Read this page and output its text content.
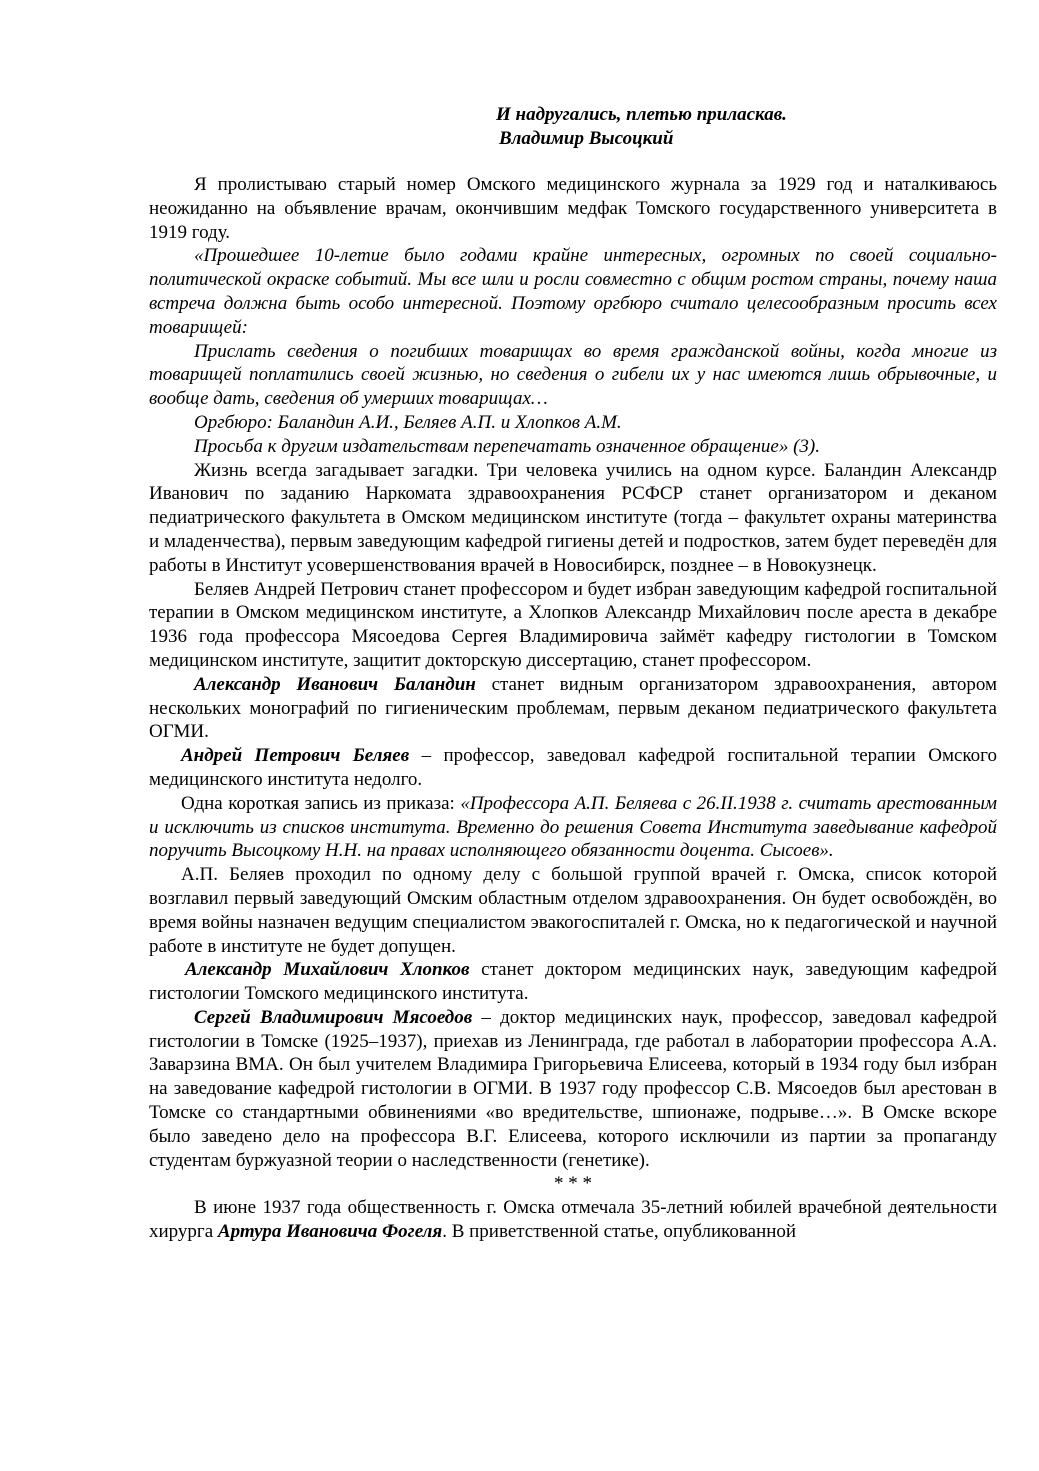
И надругались, плетью приласкав.
Владимир Высоцкий

Я пролистываю старый номер Омского медицинского журнала за 1929 год и наталкиваюсь неожиданно на объявление врачам, окончившим медфак Томского государственного университета в 1919 году.

«Прошедшее 10-летие было годами крайне интересных, огромных по своей социально-политической окраске событий. Мы все шли и росли совместно с общим ростом страны, почему наша встреча должна быть особо интересной. Поэтому оргбюро считало целесообразным просить всех товарищей:

Прислать сведения о погибших товарищах во время гражданской войны, когда многие из товарищей поплатились своей жизнью, но сведения о гибели их у нас имеются лишь обрывочные, и вообще дать, сведения об умерших товарищах…

Оргбюро: Баландин А.И., Беляев А.П. и Хлопков А.М.

Просьба к другим издательствам перепечатать означенное обращение» (3).

Жизнь всегда загадывает загадки. Три человека учились на одном курсе. Баландин Александр Иванович по заданию Наркомата здравоохранения РСФСР станет организатором и деканом педиатрического факультета в Омском медицинском институте (тогда – факультет охраны материнства и младенчества), первым заведующим кафедрой гигиены детей и подростков, затем будет переведён для работы в Институт усовершенствования врачей в Новосибирск, позднее – в Новокузнецк.

Беляев Андрей Петрович станет профессором и будет избран заведующим кафедрой госпитальной терапии в Омском медицинском институте, а Хлопков Александр Михайлович после ареста в декабре 1936 года профессора Мясоедова Сергея Владимировича займёт кафедру гистологии в Томском медицинском институте, защитит докторскую диссертацию, станет профессором.

Александр Иванович Баландин станет видным организатором здравоохранения, автором нескольких монографий по гигиеническим проблемам, первым деканом педиатрического факультета ОГМИ.

Андрей Петрович Беляев – профессор, заведовал кафедрой госпитальной терапии Омского медицинского института недолго.

Одна короткая запись из приказа: «Профессора А.П. Беляева с 26.II.1938 г. считать арестованным и исключить из списков института. Временно до решения Совета Института заведывание кафедрой поручить Высоцкому Н.Н. на правах исполняющего обязанности доцента. Сысоев».

А.П. Беляев проходил по одному делу с большой группой врачей г. Омска, список которой возглавил первый заведующий Омским областным отделом здравоохранения. Он будет освобождён, во время войны назначен ведущим специалистом эвакогоспиталей г. Омска, но к педагогической и научной работе в институте не будет допущен.

Александр Михайлович Хлопков станет доктором медицинских наук, заведующим кафедрой гистологии Томского медицинского института.

Сергей Владимирович Мясоедов – доктор медицинских наук, профессор, заведовал кафедрой гистологии в Томске (1925–1937), приехав из Ленинграда, где работал в лаборатории профессора А.А. Заварзина ВМА. Он был учителем Владимира Григорьевича Елисеева, который в 1934 году был избран на заведование кафедрой гистологии в ОГМИ. В 1937 году профессор С.В. Мясоедов был арестован в Томске со стандартными обвинениями «во вредительстве, шпионаже, подрыве…». В Омске вскоре было заведено дело на профессора В.Г. Елисеева, которого исключили из партии за пропаганду студентам буржуазной теории о наследственности (генетике).

* * *

В июне 1937 года общественность г. Омска отмечала 35-летний юбилей врачебной деятельности хирурга Артура Ивановича Фогеля. В приветственной статье, опубликованной
